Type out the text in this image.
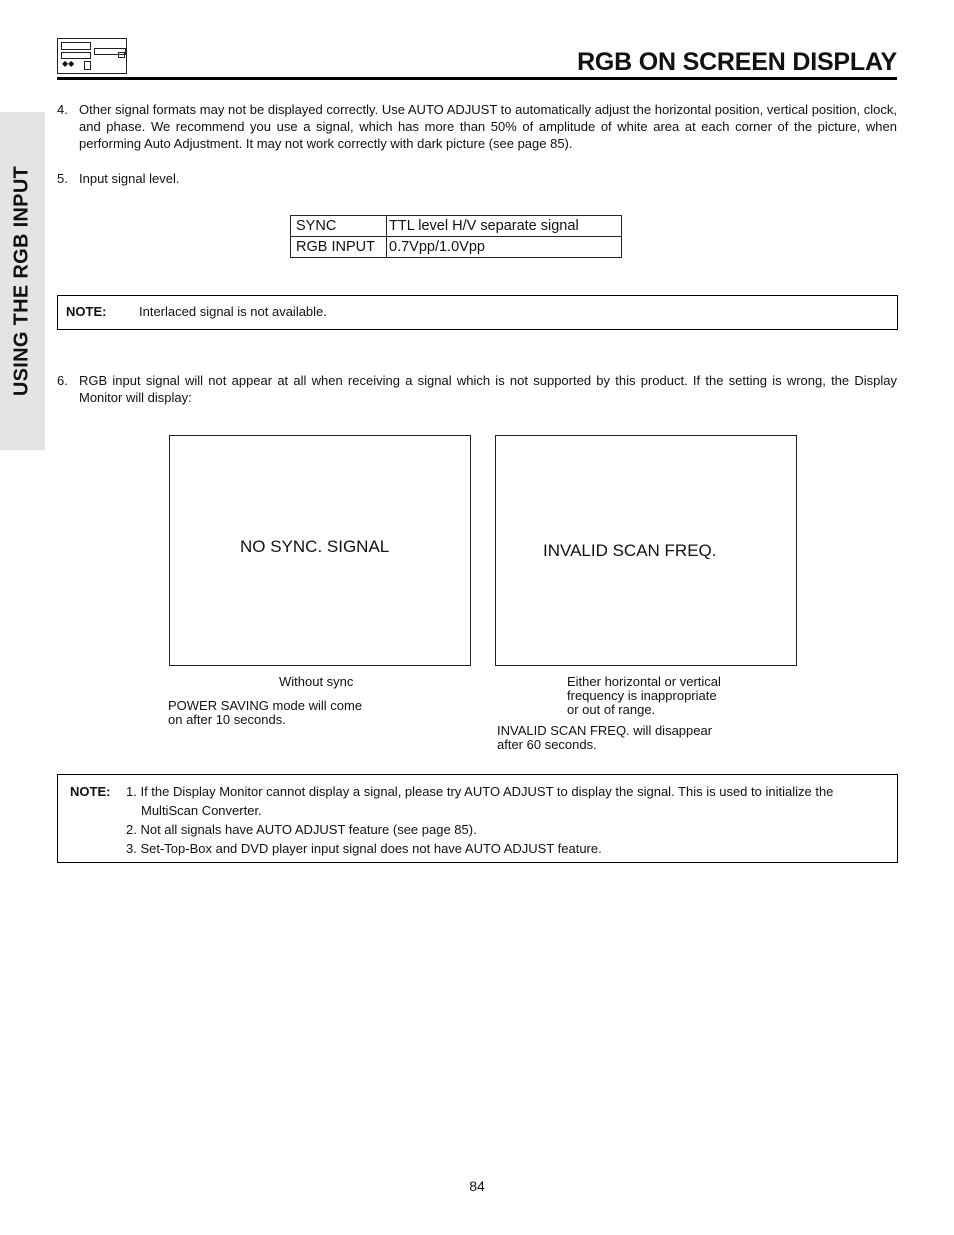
◆◆	RGB ON SCREEN DISPLAY
USING THE RGB INPUT
4. Other signal formats may not be displayed correctly. Use AUTO ADJUST to automatically adjust the horizontal position, vertical position, clock, and phase. We recommend you use a signal, which has more than 50% of amplitude of white area at each corner of the picture, when performing Auto Adjustment. It may not work correctly with dark picture (see page 85).
5. Input signal level.
SYNC	TTL level H/V separate signal
RGB INPUT	0.7Vpp/1.0Vpp
NOTE:	Interlaced signal is not available.
6. RGB input signal will not appear at all when receiving a signal which is not supported by this product. If the setting is wrong, the Display Monitor will display:
NO SYNC. SIGNAL	INVALID SCAN FREQ.
Without sync
POWER SAVING mode will come
on after 10 seconds.
Either horizontal or vertical
frequency is inappropriate
or out of range.
INVALID SCAN FREQ. will disappear
after 60 seconds.
NOTE: 1. If the Display Monitor cannot display a signal, please try AUTO ADJUST to display the signal. This is used to initialize the MultiScan Converter.
2. Not all signals have AUTO ADJUST feature (see page 85).
3. Set-Top-Box and DVD player input signal does not have AUTO ADJUST feature.
84
